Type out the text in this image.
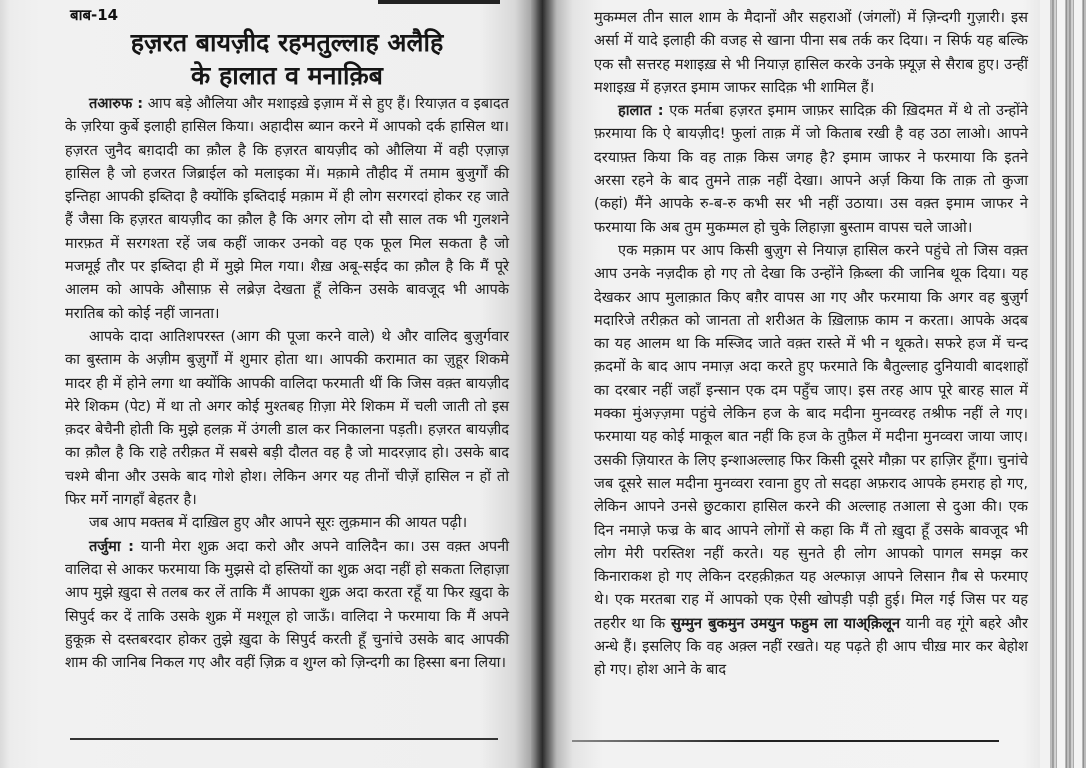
बाब-14
हज़रत बायज़ीद रहमतुल्लाह अलैहि
के हालात व मनाक़िब

तआरुफ : आप बड़े औलिया और मशाइख़े इज़ाम में से हुए हैं। रियाज़त व इबादत के ज़रिया कुर्बे इलाही हासिल किया। अहादीस ब्यान करने में आपको दर्क हासिल था। हज़रत जुनैद बग़दादी का क़ौल है कि हज़रत बायज़ीद को औलिया में वही एज़ाज़ हासिल है जो हजरत जिब्राईल को मलाइका में। मक़ामे तौहीद में तमाम बुजुर्गों की इन्तिहा आपकी इब्तिदा है क्योंकि इब्तिदाई मक़ाम में ही लोग सरगरदां होकर रह जाते हैं जैसा कि हज़रत बायज़ीद का क़ौल है कि अगर लोग दो सौ साल तक भी गुलशने मारफ़त में सरगश्ता रहें जब कहीं जाकर उनको वह एक फूल मिल सकता है जो मजमूई तौर पर इब्तिदा ही में मुझे मिल गया। शैख़ अबू-सईद का क़ौल है कि मैं पूरे आलम को आपके औसाफ़ से लब्रेज़ देखता हूँ लेकिन उसके बावजूद भी आपके मरातिब को कोई नहीं जानता।

आपके दादा आतिशपरस्त (आग की पूजा करने वाले) थे और वालिद बुज़ुर्गवार का बुस्ताम के अज़ीम बुज़ुर्गों में शुमार होता था। आपकी करामात का ज़ुहूर शिकमे मादर ही में होने लगा था क्योंकि आपकी वालिदा फरमाती थीं कि जिस वक़्त बायज़ीद मेरे शिकम (पेट) में था तो अगर कोई मुश्तबह ग़िज़ा मेरे शिकम में चली जाती तो इस क़दर बेचैनी होती कि मुझे हलक़ में उंगली डाल कर निकालना पड़ती। हज़रत बायज़ीद का क़ौल है कि राहे तरीक़त में सबसे बड़ी दौलत वह है जो मादरज़ाद हो। उसके बाद चश्मे बीना और उसके बाद गोशे होश। लेकिन अगर यह तीनों चीज़ें हासिल न हों तो फिर मर्गे नागहाँ बेहतर है।

जब आप मक्तब में दाख़िल हुए और आपने सूरः लुक़मान की आयत पढ़ी।

तर्जुमा : यानी मेरा शुक्र अदा करो और अपने वालिदैन का। उस वक़्त अपनी वालिदा से आकर फरमाया कि मुझसे दो हस्तियों का शुक्र अदा नहीं हो सकता लिहाज़ा आप मुझे ख़ुदा से तलब कर लें ताकि मैं आपका शुक्र अदा करता रहूँ या फिर ख़ुदा के सिपुर्द कर दें ताकि उसके शुक्र में मश्ग़ूल हो जाऊँ। वालिदा ने फरमाया कि मैं अपने हुकूक़ से दस्तबरदार होकर तुझे ख़ुदा के सिपुर्द करती हूँ चुनांचे उसके बाद आपकी शाम की जानिब निकल गए और वहीं ज़िक्र व शुग्ल को ज़िन्दगी का हिस्सा बना लिया।

मुकम्मल तीन साल शाम के मैदानों और सहराओं (जंगलों) में ज़िन्दगी गुज़ारी। इस अर्सा में यादे इलाही की वजह से खाना पीना सब तर्क कर दिया। न सिर्फ यह बल्कि एक सौ सत्तरह मशाइख़ से भी नियाज़ हासिल करके उनके फ़्यूज़ से सैराब हुए। उन्हीं मशाइख़ में हज़रत इमाम जाफर सादिक़ भी शामिल हैं।

हालात : एक मर्तबा हज़रत इमाम जाफ़र सादिक़ की ख़िदमत में थे तो उन्होंने फ़रमाया कि ऐ बायज़ीद! फुलां ताक़ में जो किताब रखी है वह उठा लाओ। आपने दरयाफ़्त किया कि वह ताक़ किस जगह है? इमाम जाफर ने फरमाया कि इतने अरसा रहने के बाद तुमने ताक़ नहीं देखा। आपने अर्ज़ किया कि ताक़ तो कुजा (कहां) मैंने आपके रु-ब-रु कभी सर भी नहीं उठाया। उस वक़्त इमाम जाफर ने फरमाया कि अब तुम मुकम्मल हो चुके लिहाज़ा बुस्ताम वापस चले जाओ।

एक मक़ाम पर आप किसी बुज़ुग से नियाज़ हासिल करने पहुंचे तो जिस वक़्त आप उनके नज़दीक हो गए तो देखा कि उन्होंने क़िब्ला की जानिब थूक दिया। यह देखकर आप मुलाक़ात किए बग़ैर वापस आ गए और फरमाया कि अगर वह बुज़ुर्ग मदारिजे तरीक़त को जानता तो शरीअत के ख़िलाफ़ काम न करता। आपके अदब का यह आलम था कि मस्जिद जाते वक़्त रास्ते में भी न थूकते। सफरे हज में चन्द क़दमों के बाद आप नमाज़ अदा करते हुए फरमाते कि बैतुल्लाह दुनियावी बादशाहों का दरबार नहीं जहाँ इन्सान एक दम पहुँच जाए। इस तरह आप पूरे बारह साल में मक्का मुंअज़्ज़मा पहुंचे लेकिन हज के बाद मदीना मुनव्वरह तश्रीफ नहीं ले गए। फरमाया यह कोई माकूल बात नहीं कि हज के तुफ़ैल में मदीना मुनव्वरा जाया जाए। उसकी ज़ियारत के लिए इन्शाअल्लाह फिर किसी दूसरे मौक़ा पर हाज़िर हूँगा। चुनांचे जब दूसरे साल मदीना मुनव्वरा रवाना हुए तो सदहा अफ़राद आपके हमराह हो गए, लेकिन आपने उनसे छुटकारा हासिल करने की अल्लाह तआला से दुआ की। एक दिन नमाज़े फज्र के बाद आपने लोगों से कहा कि मैं तो ख़ुदा हूँ उसके बावजूद भी लोग मेरी परस्तिश नहीं करते। यह सुनते ही लोग आपको पागल समझ कर किनाराकश हो गए लेकिन दरहक़ीक़त यह अल्फाज़ आपने लिसान ग़ैब से फरमाए थे। एक मरतबा राह में आपको एक ऐसी खोपड़ी पड़ी हुई। मिल गई जिस पर यह तहरीर था कि सुम्मुन बुकमुन उमयुन फहुम ला याअ्क़िलून यानी वह गूंगे बहरे और अन्धे हैं। इसलिए कि वह अक़्ल नहीं रखते। यह पढ़ते ही आप चीख़ मार कर बेहोश हो गए। होश आने के बाद
